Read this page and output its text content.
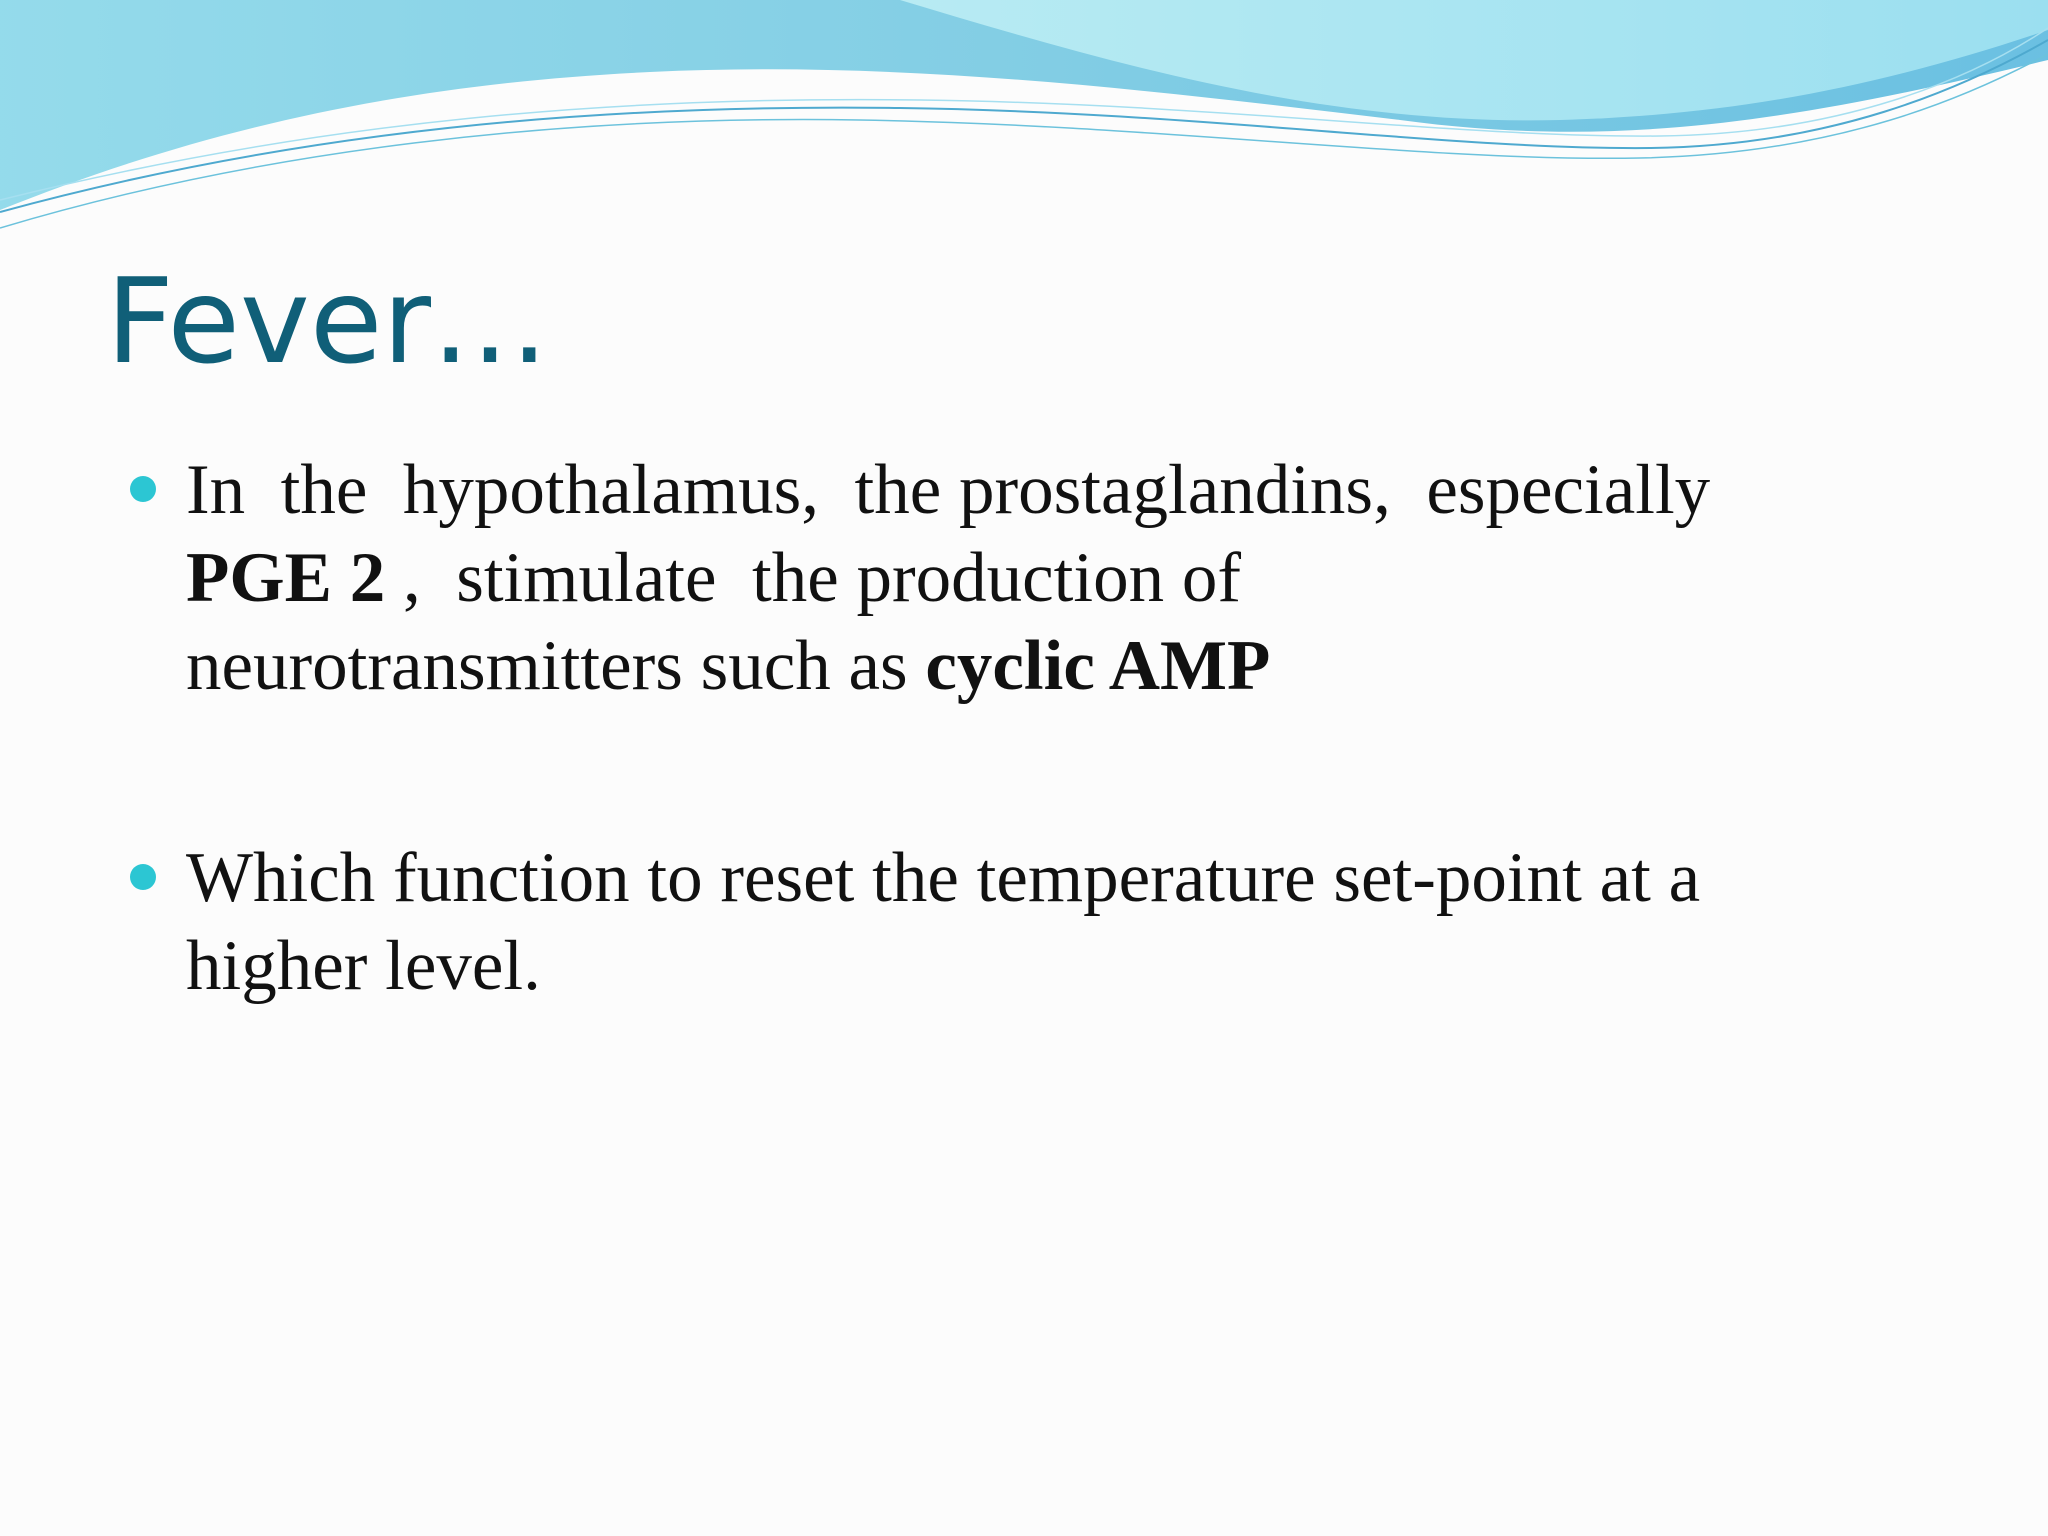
Fever…
In  the  hypothalamus,  the prostaglandins,  especially
PGE 2 ,  stimulate  the production of
neurotransmitters such as cyclic AMP
Which function to reset the temperature set-point at a
higher level.
